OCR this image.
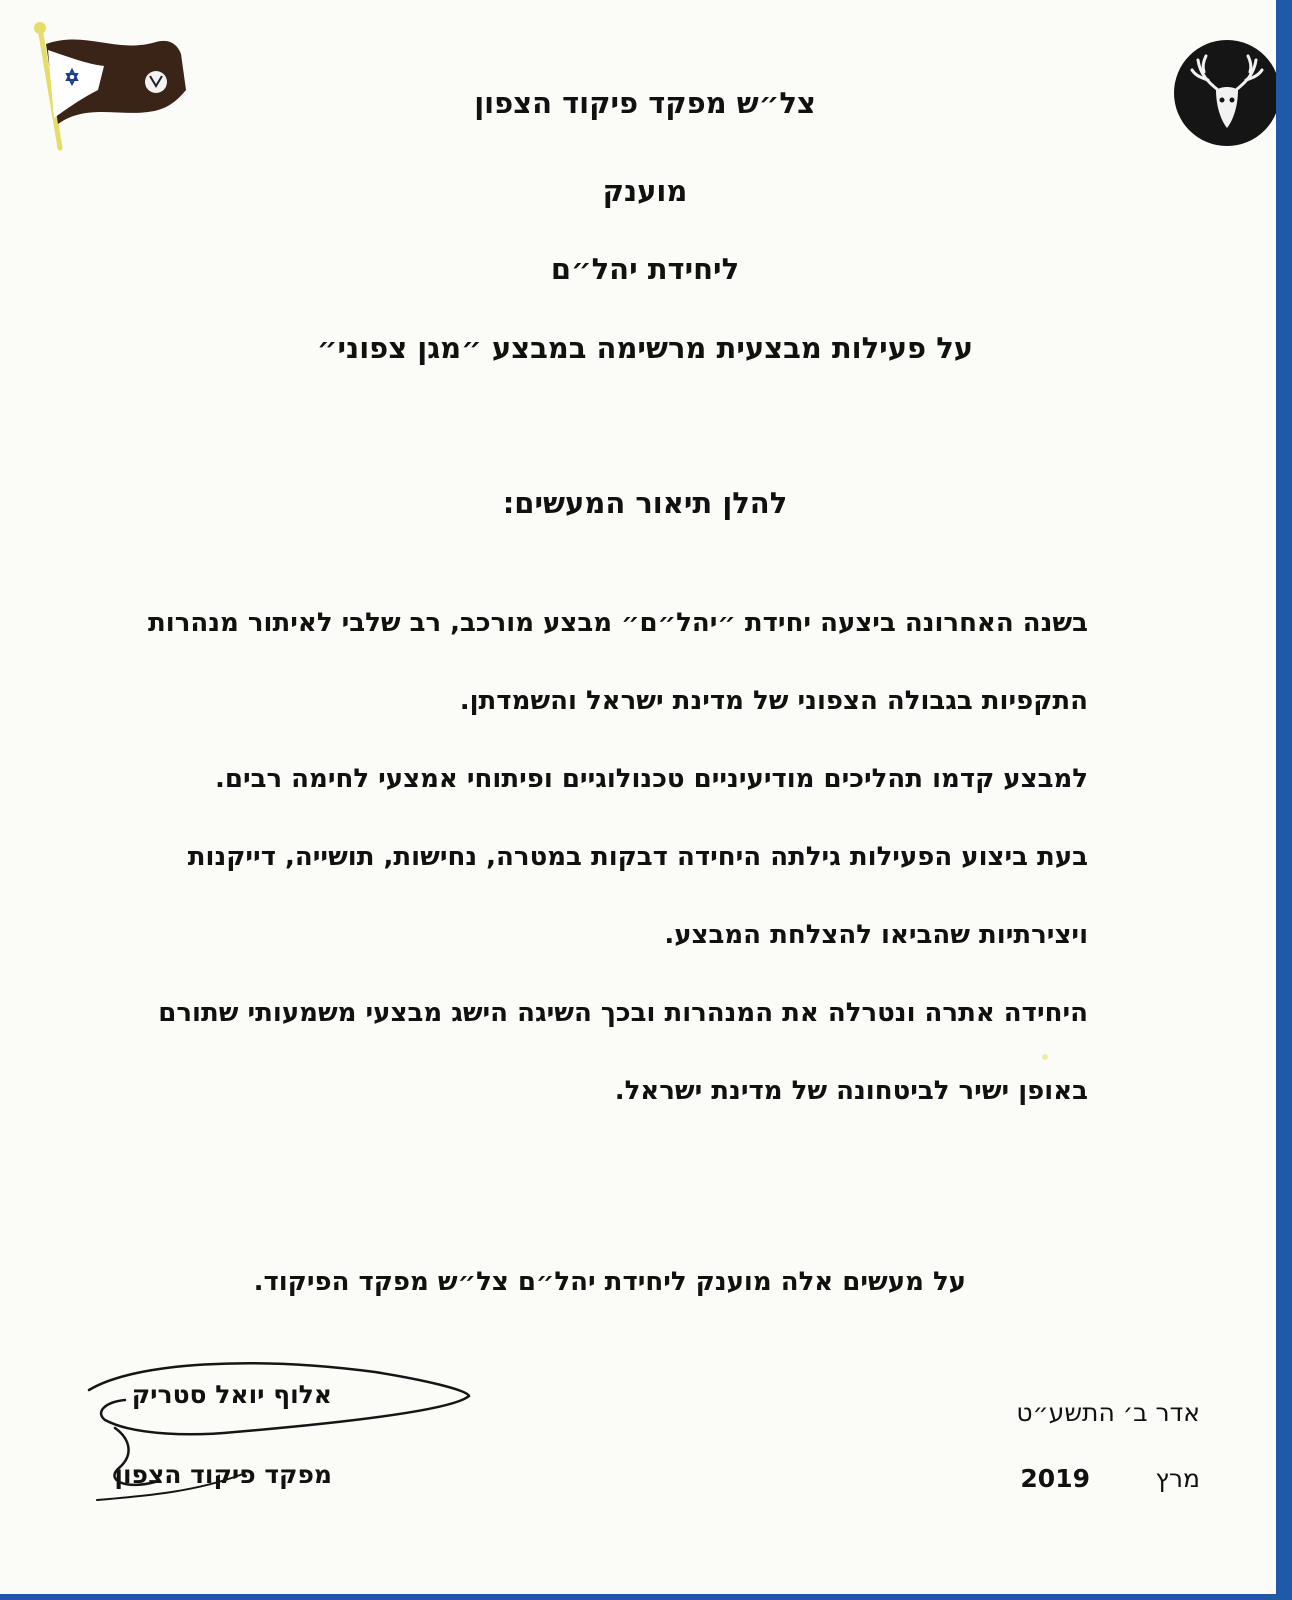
צל״ש מפקד פיקוד הצפון

מוענק

ליחידת יהל״ם

על פעילות מבצעית מרשימה במבצע ״מגן צפוני״

להלן תיאור המעשים:

בשנה האחרונה ביצעה יחידת ״יהל״ם״ מבצע מורכב, רב שלבי לאיתור מנהרות

התקפיות בגבולה הצפוני של מדינת ישראל והשמדתן.

למבצע קדמו תהליכים מודיעיניים טכנולוגיים ופיתוחי אמצעי לחימה רבים.

בעת ביצוע הפעילות גילתה היחידה דבקות במטרה, נחישות, תושייה, דייקנות

ויצירתיות שהביאו להצלחת המבצע.

היחידה אתרה ונטרלה את המנהרות ובכך השיגה הישג מבצעי משמעותי שתורם

באופן ישיר לביטחונה של מדינת ישראל.

על מעשים אלה מוענק ליחידת יהל״ם צל״ש מפקד הפיקוד.

אלוף יואל סטריק

מפקד פיקוד הצפון

אדר ב׳ התשע״ט

מרץ

2019
